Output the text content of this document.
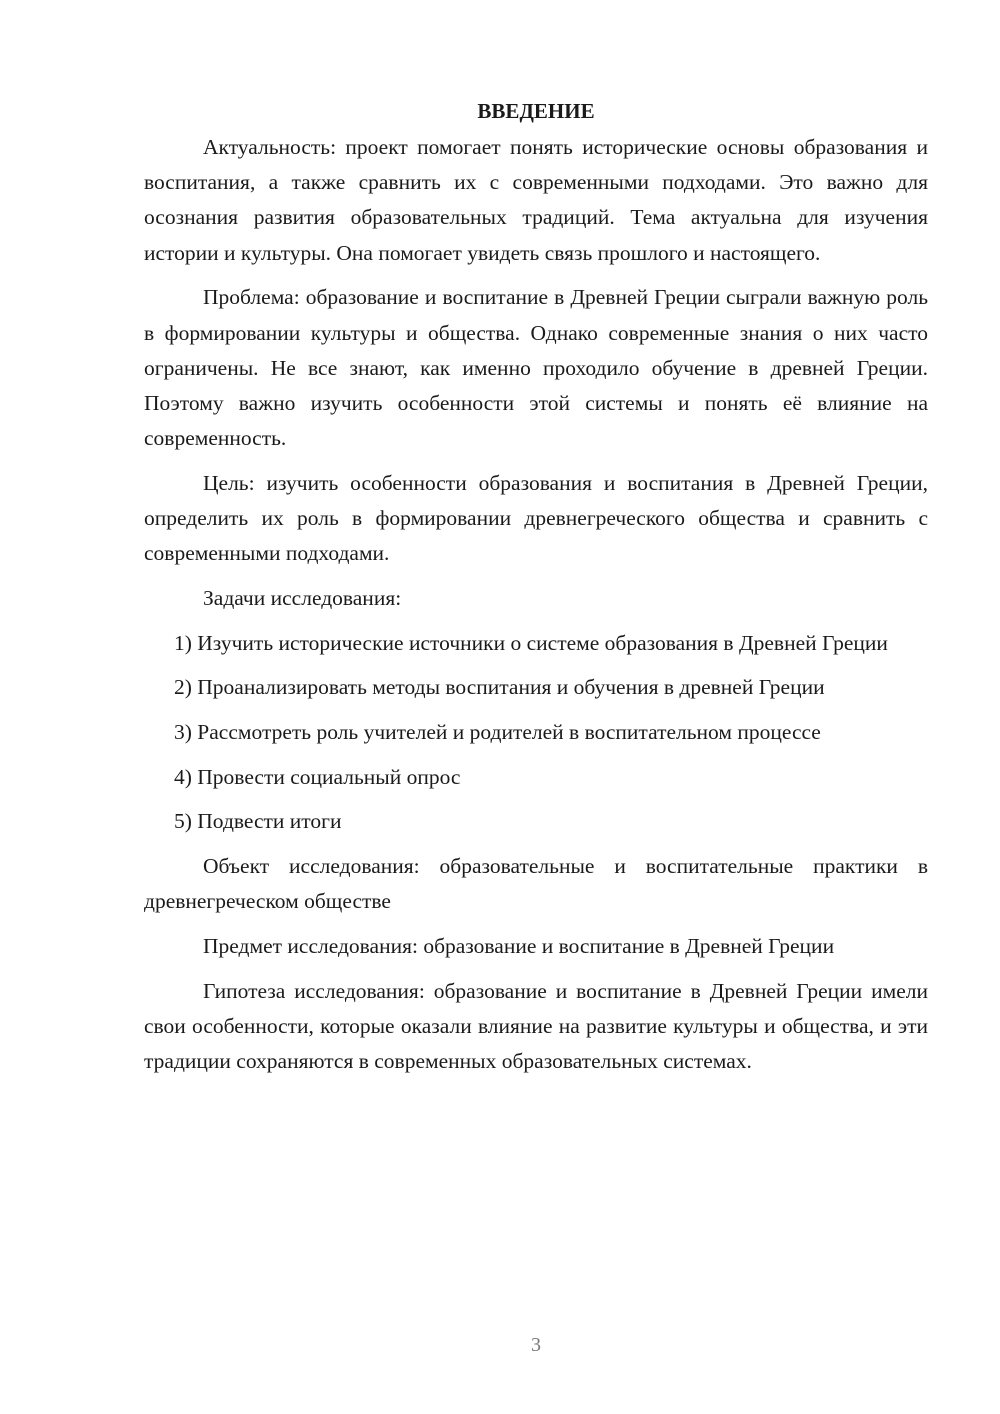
ВВЕДЕНИЕ

Актуальность: проект помогает понять исторические основы образования и воспитания, а также сравнить их с современными подходами. Это важно для осознания развития образовательных традиций. Тема актуальна для изучения истории и культуры. Она помогает увидеть связь прошлого и настоящего.

Проблема: образование и воспитание в Древней Греции сыграли важную роль в формировании культуры и общества. Однако современные знания о них часто ограничены. Не все знают, как именно проходило обучение в древней Греции. Поэтому важно изучить особенности этой системы и понять её влияние на современность.

Цель: изучить особенности образования и воспитания в Древней Греции, определить их роль в формировании древнегреческого общества и сравнить с современными подходами.

Задачи исследования:

1) Изучить исторические источники о системе образования в Древней Греции

2) Проанализировать методы воспитания и обучения в древней Греции

3) Рассмотреть роль учителей и родителей в воспитательном процессе

4) Провести социальный опрос

5) Подвести итоги

Объект исследования: образовательные и воспитательные практики в древнегреческом обществе

Предмет исследования: образование и воспитание в Древней Греции

Гипотеза исследования: образование и воспитание в Древней Греции имели свои особенности, которые оказали влияние на развитие культуры и общества, и эти традиции сохраняются в современных образовательных системах.

3
